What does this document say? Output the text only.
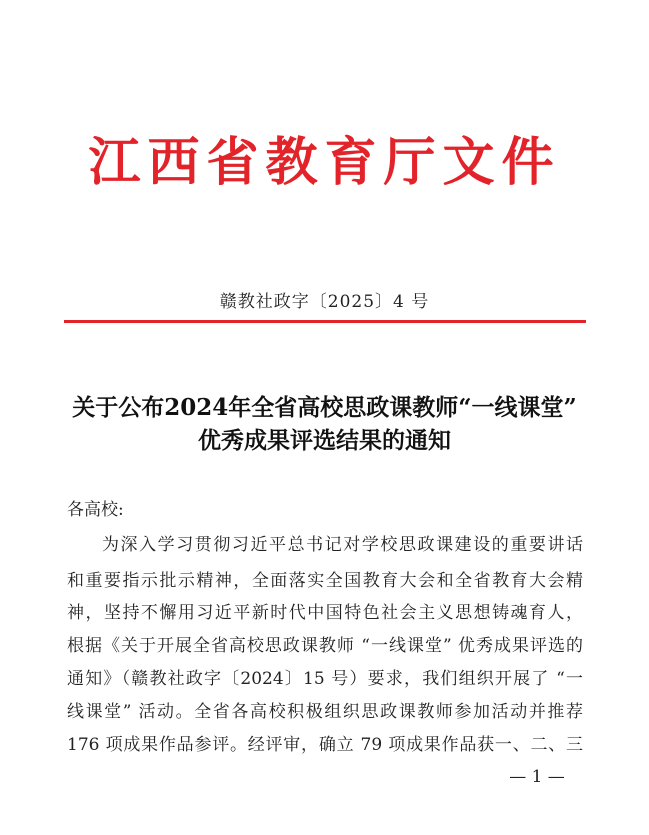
江西省教育厅文件
赣教社政字〔2025〕4 号
关于公布2024年全省高校思政课教师“一线课堂”
优秀成果评选结果的通知
各高校:
为深入学习贯彻习近平总书记对学校思政课建设的重要讲话
和重要指示批示精神，全面落实全国教育大会和全省教育大会精
神，坚持不懈用习近平新时代中国特色社会主义思想铸魂育人，
根据《关于开展全省高校思政课教师 “一线课堂” 优秀成果评选的
通知》（赣教社政字〔2024〕15 号）要求，我们组织开展了 “一
线课堂” 活动。全省各高校积极组织思政课教师参加活动并推荐
176 项成果作品参评。经评审，确立 79 项成果作品获一、二、三
— 1 —
